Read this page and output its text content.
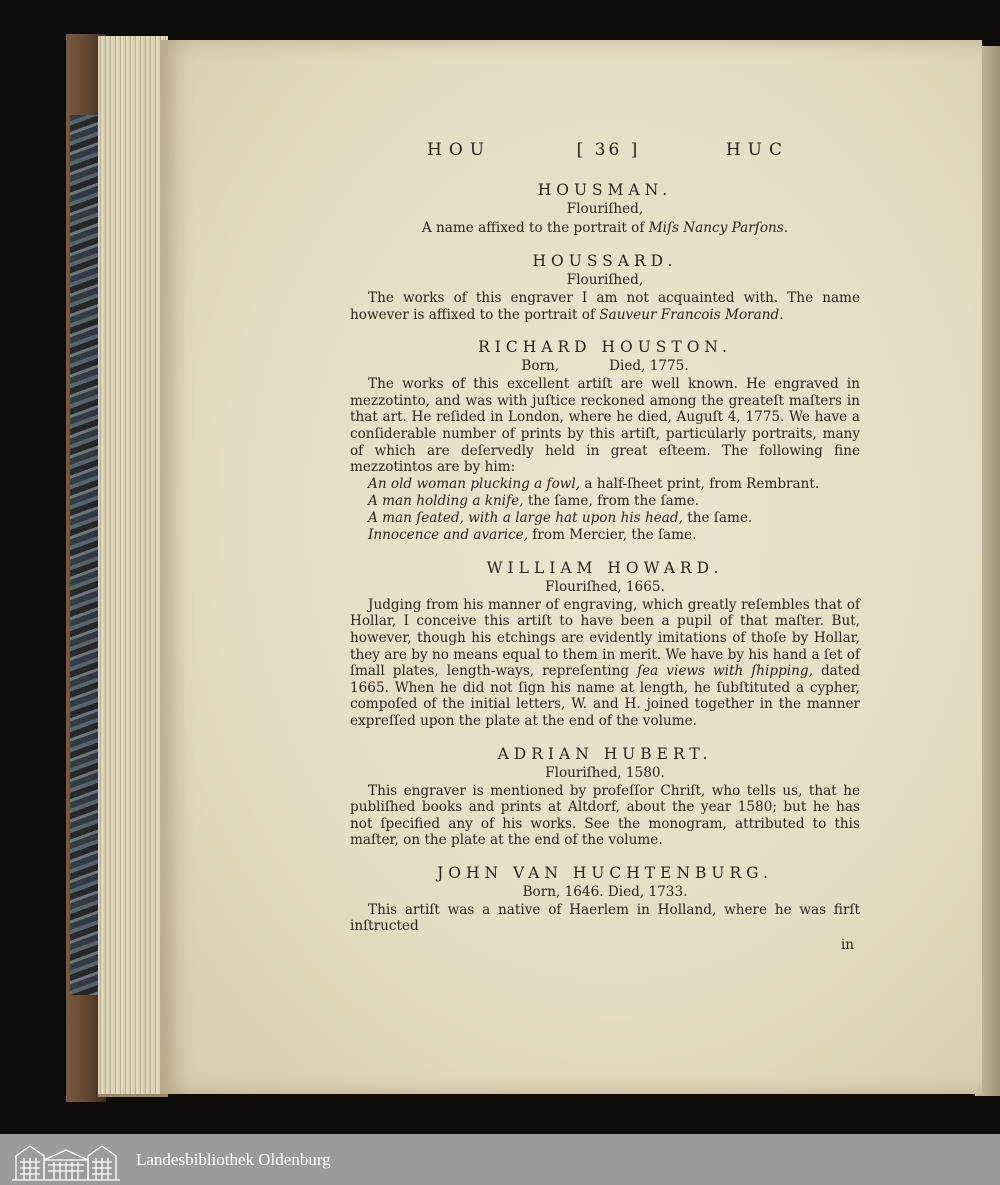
HOU	[ 36 ]	HUC
HOUSMAN.
Flouriſhed,
A name affixed to the portrait of Miſs Nancy Parſons.
HOUSSARD.
Flouriſhed,
The works of this engraver I am not acquainted with. The name however is affixed to the portrait of Sauveur Francois Morand.
RICHARD HOUSTON.
Born,	Died, 1775.
The works of this excellent artiſt are well known. He engraved in mezzotinto, and was with juſtice reckoned among the greateſt maſters in that art. He reſided in London, where he died, Auguſt 4, 1775. We have a conſiderable number of prints by this artiſt, particularly portraits, many of which are deſervedly held in great eſteem. The following fine mezzotintos are by him:
An old woman plucking a fowl, a half-ſheet print, from Rembrant.
A man holding a knife, the ſame, from the ſame.
A man ſeated, with a large hat upon his head, the ſame.
Innocence and avarice, from Mercier, the ſame.
WILLIAM HOWARD.
Flouriſhed, 1665.
Judging from his manner of engraving, which greatly reſembles that of Hollar, I conceive this artiſt to have been a pupil of that maſter. But, however, though his etchings are evidently imitations of thoſe by Hollar, they are by no means equal to them in merit. We have by his hand a ſet of ſmall plates, length-ways, repreſenting ſea views with ſhipping, dated 1665. When he did not ſign his name at length, he ſubſtituted a cypher, compoſed of the initial letters, W. and H. joined together in the manner expreſſed upon the plate at the end of the volume.
ADRIAN HUBERT.
Flouriſhed, 1580.
This engraver is mentioned by profeſſor Chriſt, who tells us, that he publiſhed books and prints at Altdorf, about the year 1580; but he has not ſpecified any of his works. See the monogram, attributed to this maſter, on the plate at the end of the volume.
JOHN VAN HUCHTENBURG.
Born, 1646. Died, 1733.
This artiſt was a native of Haerlem in Holland, where he was firſt inſtructed
in
Landesbibliothek Oldenburg
